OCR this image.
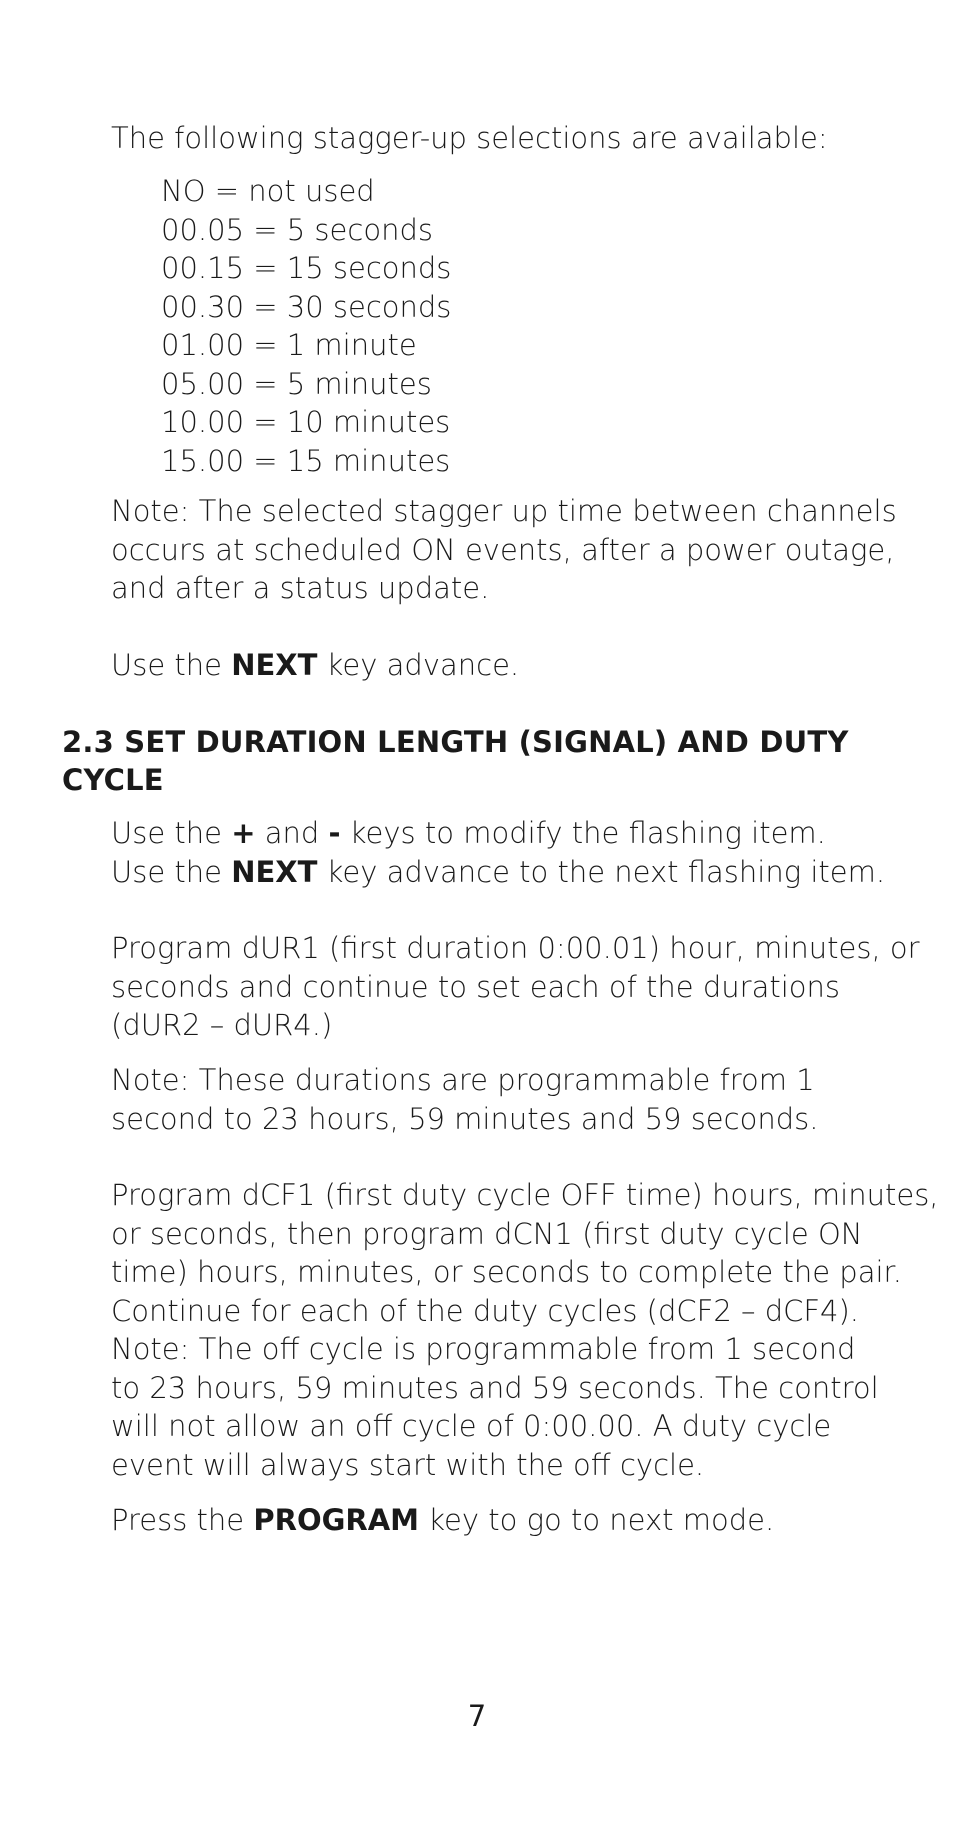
The following stagger-up selections are available:

NO = not used
00.05 = 5 seconds
00.15 = 15 seconds
00.30 = 30 seconds
01.00 = 1 minute
05.00 = 5 minutes
10.00 = 10 minutes
15.00 = 15 minutes
Note: The selected stagger up time between channels
occurs at scheduled ON events, after a power outage,
and after a status update.

Use the NEXT key advance.

2.3 SET DURATION LENGTH (SIGNAL) AND DUTY
CYCLE
Use the + and - keys to modify the flashing item.
Use the NEXT key advance to the next flashing item.
Program dUR1 (first duration 0:00.01) hour, minutes, or
seconds and continue to set each of the durations
(dUR2 – dUR4.)
Note: These durations are programmable from 1
second to 23 hours, 59 minutes and 59 seconds.
Program dCF1 (first duty cycle OFF time) hours, minutes,
or seconds, then program dCN1 (first duty cycle ON
time) hours, minutes, or seconds to complete the pair.
Continue for each of the duty cycles (dCF2 – dCF4).
Note: The off cycle is programmable from 1 second
to 23 hours, 59 minutes and 59 seconds. The control
will not allow an off cycle of 0:00.00. A duty cycle
event will always start with the off cycle.

Press the PROGRAM key to go to next mode.

7
